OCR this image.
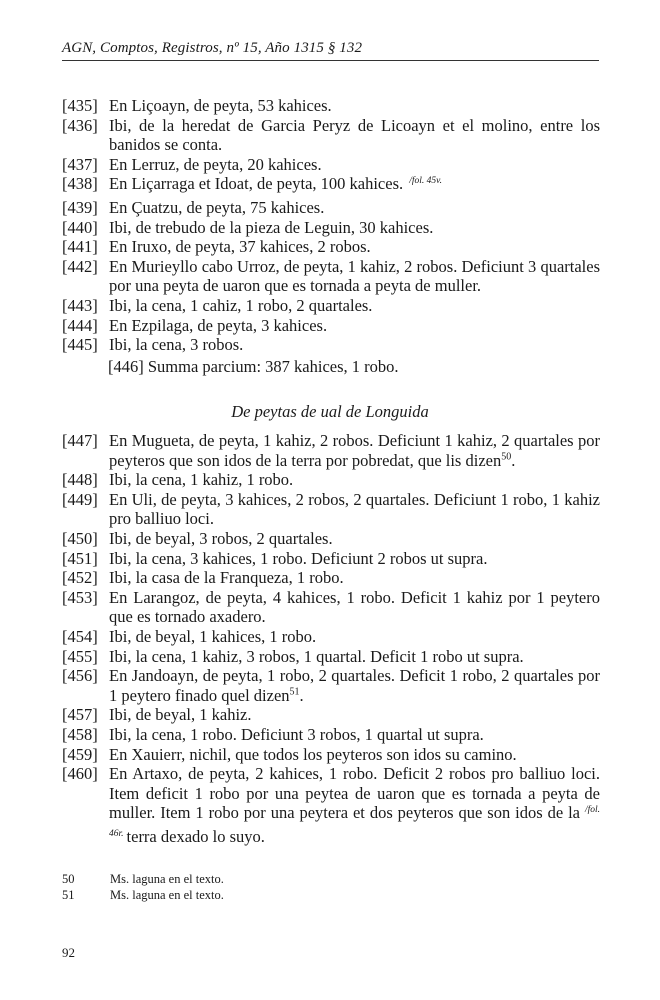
AGN, Comptos, Registros, nº 15, Año 1315 § 132
[435] En Liçoayn, de peyta, 53 kahices.
[436] Ibi, de la heredat de Garcia Peryz de Licoayn et el molino, entre los banidos se conta.
[437] En Lerruz, de peyta, 20 kahices.
[438] En Liçarraga et Idoat, de peyta, 100 kahices. $^{/fol. 45v.}$
[439] En Çuatzu, de peyta, 75 kahices.
[440] Ibi, de trebudo de la pieza de Leguin, 30 kahices.
[441] En Iruxo, de peyta, 37 kahices, 2 robos.
[442] En Murieyllo cabo Urroz, de peyta, 1 kahiz, 2 robos. Deficiunt 3 quartales por una peyta de uaron que es tornada a peyta de muller.
[443] Ibi, la cena, 1 cahiz, 1 robo, 2 quartales.
[444] En Ezpilaga, de peyta, 3 kahices.
[445] Ibi, la cena, 3 robos.
[446] Summa parcium: 387 kahices, 1 robo.
De peytas de ual de Longuida
[447] En Mugueta, de peyta, 1 kahiz, 2 robos. Deficiunt 1 kahiz, 2 quartales por peyteros que son idos de la terra por pobredat, que lis dizen$^{50}$.
[448] Ibi, la cena, 1 kahiz, 1 robo.
[449] En Uli, de peyta, 3 kahices, 2 robos, 2 quartales. Deficiunt 1 robo, 1 kahiz pro balliuo loci.
[450] Ibi, de beyal, 3 robos, 2 quartales.
[451] Ibi, la cena, 3 kahices, 1 robo. Deficiunt 2 robos ut supra.
[452] Ibi, la casa de la Franqueza, 1 robo.
[453] En Larangoz, de peyta, 4 kahices, 1 robo. Deficit 1 kahiz por 1 peytero que es tornado axadero.
[454] Ibi, de beyal, 1 kahices, 1 robo.
[455] Ibi, la cena, 1 kahiz, 3 robos, 1 quartal. Deficit 1 robo ut supra.
[456] En Jandoayn, de peyta, 1 robo, 2 quartales. Deficit 1 robo, 2 quartales por 1 peytero finado quel dizen$^{51}$.
[457] Ibi, de beyal, 1 kahiz.
[458] Ibi, la cena, 1 robo. Deficiunt 3 robos, 1 quartal ut supra.
[459] En Xauierr, nichil, que todos los peyteros son idos su camino.
[460] En Artaxo, de peyta, 2 kahices, 1 robo. Deficit 2 robos pro balliuo loci. Item deficit 1 robo por una peytea de uaron que es tornada a peyta de muller. Item 1 robo por una peytera et dos peyteros que son idos de la $^{/fol. 46r.}$ terra dexado lo suyo.
50	Ms. laguna en el texto.
51	Ms. laguna en el texto.
92
